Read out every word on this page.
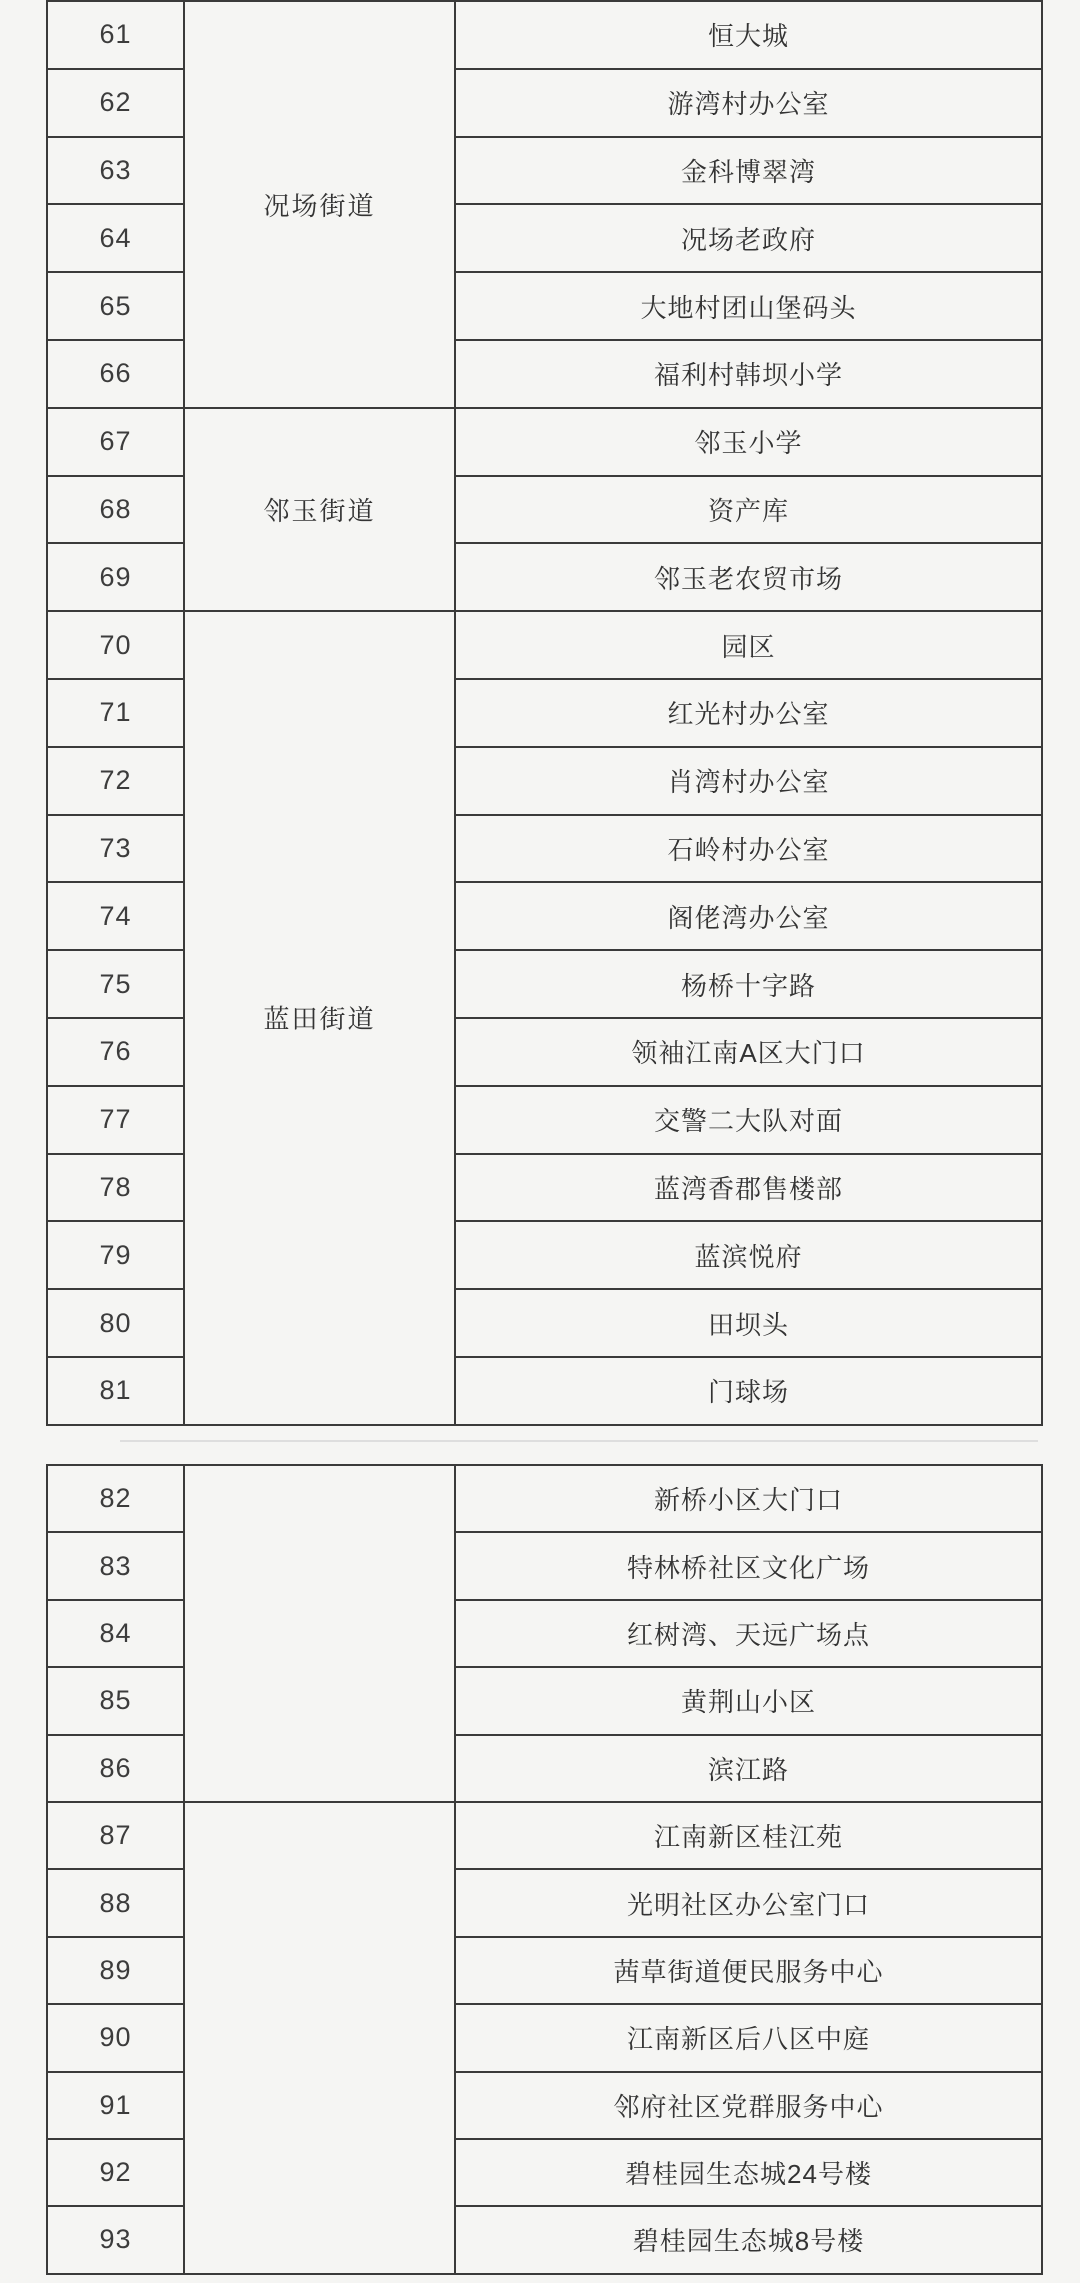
61	况场街道	恒大城
62		游湾村办公室
63		金科博翠湾
64		况场老政府
65		大地村团山堡码头
66		福利村韩坝小学
67	邻玉街道	邻玉小学
68		资产库
69		邻玉老农贸市场
70	蓝田街道	园区
71		红光村办公室
72		肖湾村办公室
73		石岭村办公室
74		阁佬湾办公室
75		杨桥十字路
76		领袖江南A区大门口
77		交警二大队对面
78		蓝湾香郡售楼部
79		蓝滨悦府
80		田坝头
81		门球场
82		新桥小区大门口
83		特林桥社区文化广场
84		红树湾、天远广场点
85		黄荆山小区
86		滨江路
87		江南新区桂江苑
88		光明社区办公室门口
89		茜草街道便民服务中心
90		江南新区后八区中庭
91		邻府社区党群服务中心
92		碧桂园生态城24号楼
93		碧桂园生态城8号楼
